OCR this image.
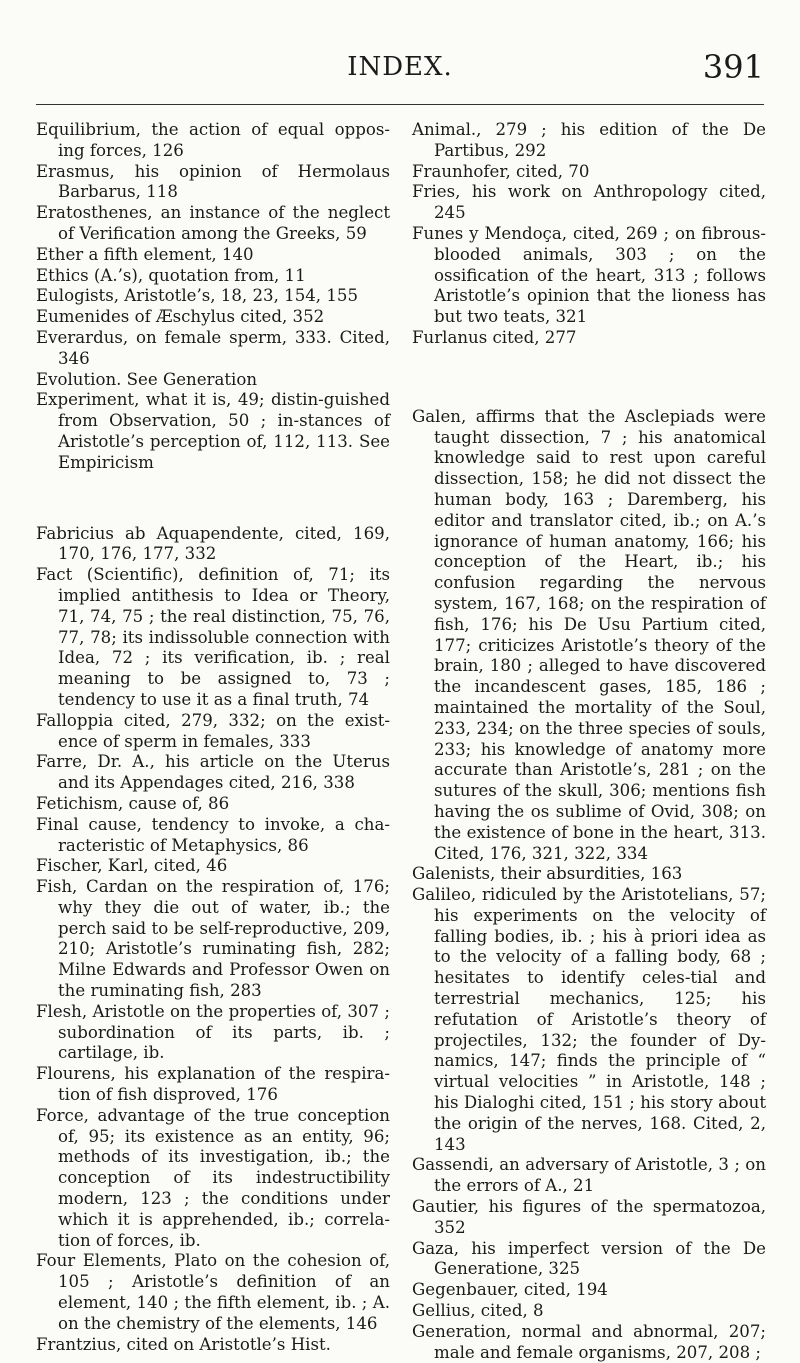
INDEX.	391

Equilibrium, the action of equal oppos-ing forces, 126

Erasmus, his opinion of Hermolaus Barbarus, 118

Eratosthenes, an instance of the neglect of Verification among the Greeks, 59

Ether a fifth element, 140

Ethics (A.’s), quotation from, 11

Eulogists, Aristotle’s, 18, 23, 154, 155

Eumenides of Æschylus cited, 352

Everardus, on female sperm, 333. Cited, 346

Evolution. See Generation

Experiment, what it is, 49; distin-guished from Observation, 50 ; in-stances of Aristotle’s perception of, 112, 113. See Empiricism

Fabricius ab Aquapendente, cited, 169, 170, 176, 177, 332

Fact (Scientific), definition of, 71; its implied antithesis to Idea or Theory, 71, 74, 75 ; the real distinction, 75, 76, 77, 78; its indissoluble connection with Idea, 72 ; its verification, ib. ; real meaning to be assigned to, 73 ; tendency to use it as a final truth, 74

Falloppia cited, 279, 332; on the exist-ence of sperm in females, 333

Farre, Dr. A., his article on the Uterus and its Appendages cited, 216, 338

Fetichism, cause of, 86

Final cause, tendency to invoke, a cha-racteristic of Metaphysics, 86

Fischer, Karl, cited, 46

Fish, Cardan on the respiration of, 176; why they die out of water, ib.; the perch said to be self-reproductive, 209, 210; Aristotle’s ruminating fish, 282; Milne Edwards and Professor Owen on the ruminating fish, 283

Flesh, Aristotle on the properties of, 307 ; subordination of its parts, ib. ; cartilage, ib.

Flourens, his explanation of the respira-tion of fish disproved, 176

Force, advantage of the true conception of, 95; its existence as an entity, 96; methods of its investigation, ib.; the conception of its indestructibility modern, 123 ; the conditions under which it is apprehended, ib.; correla-tion of forces, ib.

Four Elements, Plato on the cohesion of, 105 ; Aristotle’s definition of an element, 140 ; the fifth element, ib. ; A. on the chemistry of the elements, 146

Frantzius, cited on Aristotle’s Hist.

Animal., 279 ; his edition of the De Partibus, 292

Fraunhofer, cited, 70

Fries, his work on Anthropology cited, 245

Funes y Mendoça, cited, 269 ; on fibrous-blooded animals, 303 ; on the ossification of the heart, 313 ; follows Aristotle’s opinion that the lioness has but two teats, 321

Furlanus cited, 277

Galen, affirms that the Asclepiads were taught dissection, 7 ; his anatomical knowledge said to rest upon careful dissection, 158; he did not dissect the human body, 163 ; Daremberg, his editor and translator cited, ib.; on A.’s ignorance of human anatomy, 166; his conception of the Heart, ib.; his confusion regarding the nervous system, 167, 168; on the respiration of fish, 176; his De Usu Partium cited, 177; criticizes Aristotle’s theory of the brain, 180 ; alleged to have discovered the incandescent gases, 185, 186 ; maintained the mortality of the Soul, 233, 234; on the three species of souls, 233; his knowledge of anatomy more accurate than Aristotle’s, 281 ; on the sutures of the skull, 306; mentions fish having the os sublime of Ovid, 308; on the existence of bone in the heart, 313. Cited, 176, 321, 322, 334

Galenists, their absurdities, 163

Galileo, ridiculed by the Aristotelians, 57; his experiments on the velocity of falling bodies, ib. ; his à priori idea as to the velocity of a falling body, 68 ; hesitates to identify celes-tial and terrestrial mechanics, 125; his refutation of Aristotle’s theory of projectiles, 132; the founder of Dy-namics, 147; finds the principle of “ virtual velocities ” in Aristotle, 148 ; his Dialoghi cited, 151 ; his story about the origin of the nerves, 168. Cited, 2, 143

Gassendi, an adversary of Aristotle, 3 ; on the errors of A., 21

Gautier, his figures of the spermatozoa, 352

Gaza, his imperfect version of the De Generatione, 325

Gegenbauer, cited, 194

Gellius, cited, 8

Generation, normal and abnormal, 207; male and female organisms, 207, 208 ;
